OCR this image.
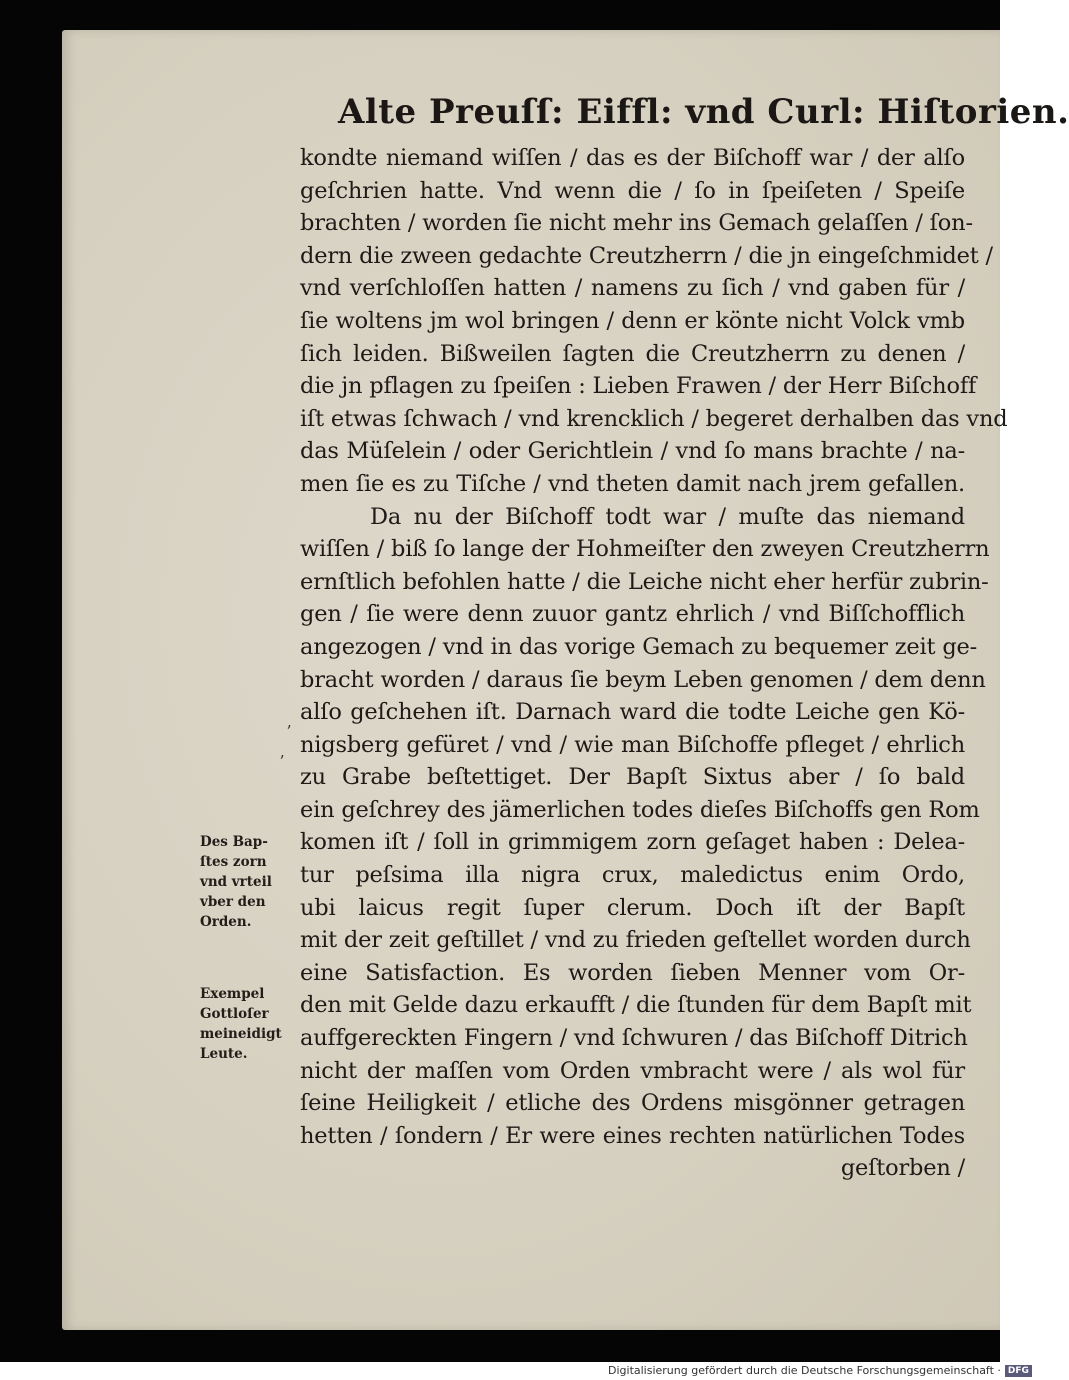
Alte Preuſſ: Eiffl: vnd Curl: Hiſtorien.
kondte niemand wiſſen / das es der Biſchoff war / der alſo
geſchrien hatte. Vnd wenn die / ſo in ſpeiſeten / Speiſe
brachten / worden ſie nicht mehr ins Gemach gelaſſen / ſon-
dern die zween gedachte Creutzherrn / die jn eingeſchmidet /
vnd verſchloſſen hatten / namens zu ſich / vnd gaben für /
ſie woltens jm wol bringen / denn er könte nicht Volck vmb
ſich leiden. Bißweilen ſagten die Creutzherrn zu denen /
die jn pflagen zu ſpeiſen : Lieben Frawen / der Herr Biſchoff
iſt etwas ſchwach / vnd krencklich / begeret derhalben das vnd
das Müſelein / oder Gerichtlein / vnd ſo mans brachte / na-
men ſie es zu Tiſche / vnd theten damit nach jrem gefallen.
Da nu der Biſchoff todt war / muſte das niemand
wiſſen / biß ſo lange der Hohmeiſter den zweyen Creutzherrn
ernſtlich befohlen hatte / die Leiche nicht eher herfür zubrin-
gen / ſie were denn zuuor gantz ehrlich / vnd Biſſchofflich
angezogen / vnd in das vorige Gemach zu bequemer zeit ge-
bracht worden / daraus ſie beym Leben genomen / dem denn
alſo geſchehen iſt. Darnach ward die todte Leiche gen Kö-
nigsberg gefüret / vnd / wie man Biſchoffe pfleget / ehrlich
zu Grabe beſtettiget. Der Bapſt Sixtus aber / ſo bald
ein geſchrey des jämerlichen todes dieſes Biſchoffs gen Rom
komen iſt / ſoll in grimmigem zorn geſaget haben : Delea-
tur peſsima illa nigra crux, maledictus enim Ordo,
ubi laicus regit ſuper clerum. Doch iſt der Bapſt
mit der zeit geſtillet / vnd zu frieden geſtellet worden durch
eine Satisfaction. Es worden ſieben Menner vom Or-
den mit Gelde dazu erkaufft / die ſtunden für dem Bapſt mit
auffgereckten Fingern / vnd ſchwuren / das Biſchoff Ditrich
nicht der maſſen vom Orden vmbracht were / als wol für
ſeine Heiligkeit / etliche des Ordens misgönner getragen
hetten / ſondern / Er were eines rechten natürlichen Todes
geſtorben /
Des Bap-
ſtes zorn
vnd vrteil
vber den
Orden.
Exempel
Gottloſer
meineidigt
Leute.
ʼ
ʼ
Digitalisierung gefördert durch die Deutsche Forschungsgemeinschaft · DFG
